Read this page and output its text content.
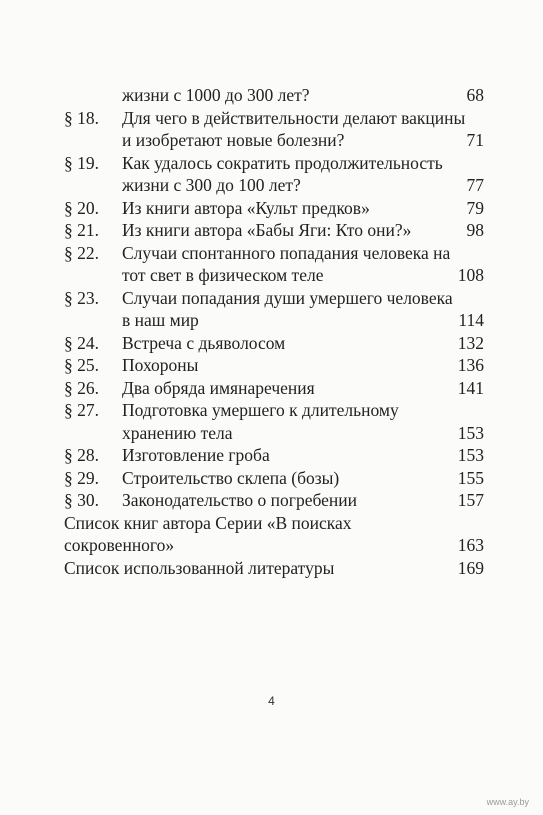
жизни с 1000 до 300 лет?	68
§ 18.	Для чего в действительности делают вакцины
и изобретают новые болезни?	71
§ 19.	Как удалось сократить продолжительность
жизни с 300 до 100 лет?	77
§ 20.	Из книги автора «Культ предков»	79
§ 21.	Из книги автора «Бабы Яги: Кто они?»	98
§ 22.	Случаи спонтанного попадания человека на
тот свет в физическом теле	108
§ 23.	Случаи попадания души умершего человека
в наш мир	114
§ 24.	Встреча с дьяволосом	132
§ 25.	Похороны	136
§ 26.	Два обряда имянаречения	141
§ 27.	Подготовка умершего к длительному
хранению тела	153
§ 28.	Изготовление гроба	153
§ 29.	Строительство склепа (бозы)	155
§ 30.	Законодательство о погребении	157
Список книг автора Серии «В поисках
сокровенного»	163
Список использованной литературы	169
4
www.ay.by
